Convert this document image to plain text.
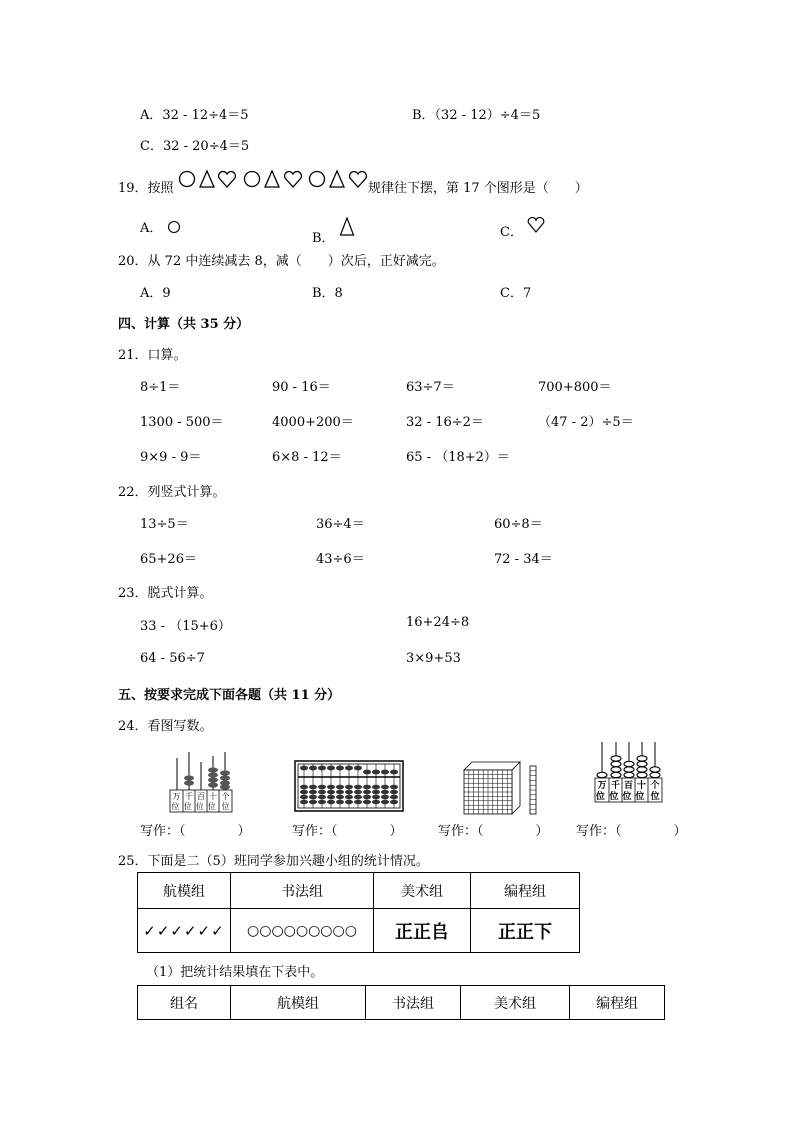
A．32 - 12÷4＝5	B．（32 - 12）÷4＝5
C．32 - 20÷4＝5
19．按照	规律往下摆，第 17 个图形是（　　）
A．
B．	C．
20．从 72 中连续减去 8，减（　　）次后，正好减完。
A．9	B．8	C．7
四、计算（共 35 分）
21．口算。
8÷1＝	90 - 16＝	63÷7＝	700+800＝
1300 - 500＝	4000+200＝	32 - 16÷2＝	（47 - 2）÷5＝
9×9 - 9＝	6×8 - 12＝	65 - （18+2）＝
22．列竖式计算。
13÷5＝	36÷4＝	60÷8＝
65+26＝	43÷6＝	72 - 34＝
23．脱式计算。
33 - （15+6）	16+24÷8
64 - 56÷7	3×9+53
五、按要求完成下面各题（共 11 分）
24．看图写数。
万位 千位 百位 十位 个位
万位 千位 百位 十位 个位
写作：（　　　　）	写作：（　　　　）	写作：（　　　　） 写作：（　　　　）
25．下面是二（5）班同学参加兴趣小组的统计情况。
航模组	书法组	美术组	编程组
✓✓✓✓✓✓	○○○○○○○○○	正正𠂤	正正下
（1）把统计结果填在下表中。
组名	航模组	书法组	美术组	编程组
